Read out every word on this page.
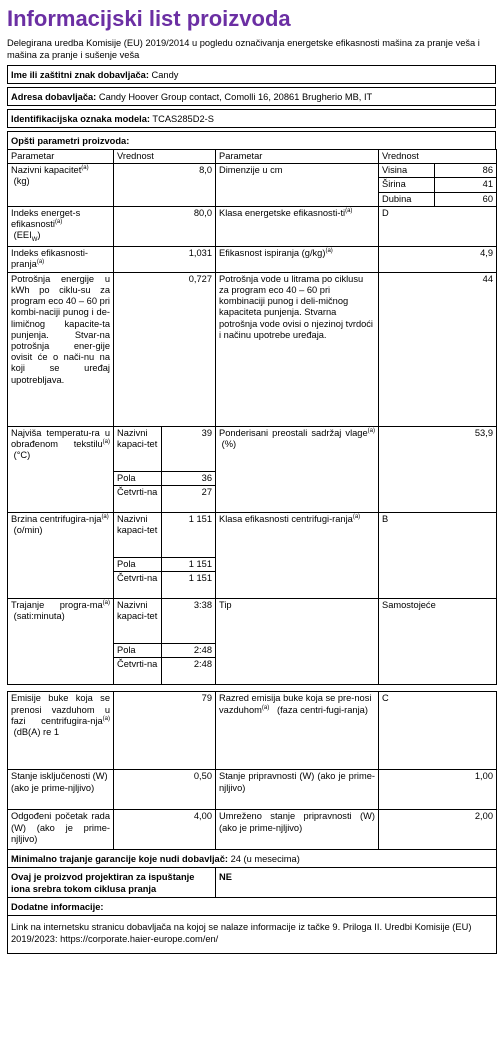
Informacijski list proizvoda

Delegirana uredba Komisije (EU) 2019/2014 u pogledu označivanja energetske efikasnosti mašina za pranje veša i mašina za pranje i sušenje veša

Ime ili zaštitni znak dobavljača: Candy
Adresa dobavljača: Candy Hoover Group contact, Comolli 16, 20861 Brugherio MB, IT
Identifikacijska oznaka modela: TCAS285D2-S
Opšti parametri proizvoda:
Parametar	Vrednost		Parametar	Vrednost	
Nazivni kapacitet$^{(a)}$
(kg)	8,0		Dimenzije u cm	Visina	86
				Širina	41
				Dubina	60
Indeks energet-s
efikasnosti$^{(a)}$
$(EEI_W)$	80,0		Klasa energetske efikasnosti-$ti^{(a)}$	D	
Indeks efikasnosti-pranja$^{(a)}$	1,031		Efikasnost ispiranja $(g/kg)^{(a)}$	4,9	
Potrošnja energije u kWh po ciklu-su za program eco 40 – 60 pri kombi-naciji punog i de-limičnog kapacite-ta punjenja. Stvar-na potrošnja ener-gije ovisit će o nači-nu na koji se uređaj upotrebljava.	0,727		Potrošnja vode u litrama po ciklusu za program eco 40 – 60 pri kombinaciji punog i deli-mičnog kapaciteta punjenja. Stvarna potrošnja vode ovisi o njezinoj tvrdoći i načinu upotrebe uređaja.	44	
Najviša temperatu-ra u obrađenom tekstilu$^{(a)}$  (°C)	Nazivni kapaci-tet	39	Ponderisani preostali sadržaj vlage$^{(a)}$  (%)	53,9	
	Pola	36			
	Četvrti-na	27			
Brzina centrifugira-nja$^{(a)}$  (o/min)	Nazivni kapaci-tet	1 151	Klasa efikasnosti centrifugi-ranja$^{(a)}$	B	
	Pola	1 151			
	Četvrti-na	1 151			
Trajanje progra-$ma^{(a)}$  (sati:minuta)	Nazivni kapaci-tet	3:38	Tip	Samostojeće	
	Pola	2:48			
	Četvrti-na	2:48			
Emisije buke koja se prenosi vazduhom u fazi centrifugira-nja$^{(a)}$  (dB(A) re 1	79	Razred emisija buke koja se pre-nosi vazduhom$^{(a)}$ (faza centri-fugi-ranja)	C
Stanje isključenosti (W) (ako je prime-njljivo)	0,50	Stanje pripravnosti (W) (ako je prime-njljivo)	1,00
Odgođeni početak rada (W) (ako je prime-njljivo)	4,00	Umreženo stanje pripravnosti (W) (ako je prime-njljivo)	2,00
Minimalno trajanje garancije koje nudi dobavljač: 24 (u mesecima)			
Ovaj je proizvod projektiran za ispuštanje iona srebra tokom ciklusa pranja		NE	
Dodatne informacije:			
Link na internetsku stranicu dobavljača na kojoj se nalaze informacije iz tačke 9. Priloga II. Uredbi Komisije (EU) 2019/2023: https://corporate.haier-europe.com/en/			
